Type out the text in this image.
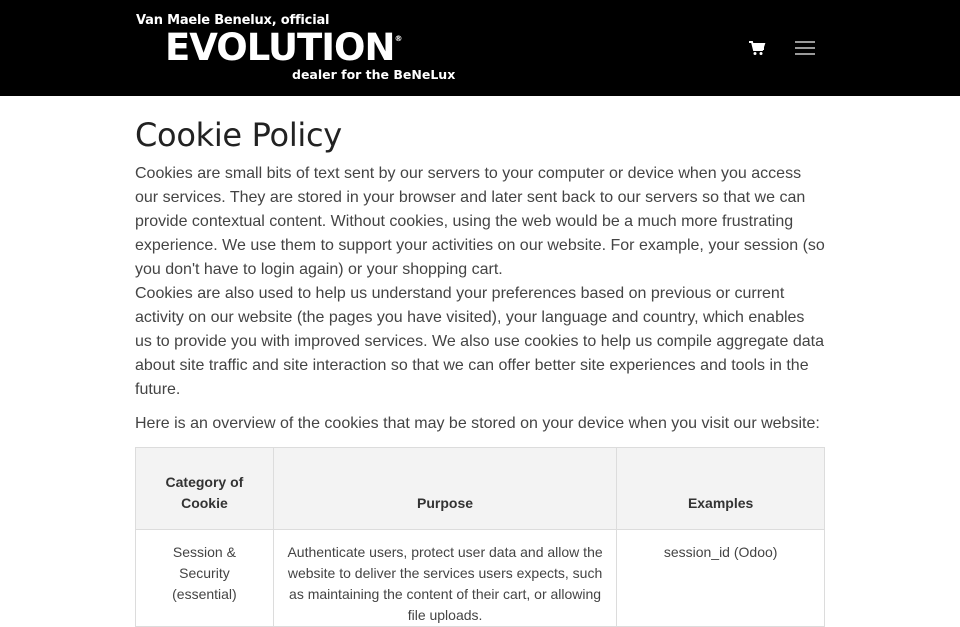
Van Maele Benelux, official
EVOLUTION®
dealer for the BeNeLux
Cookie Policy
Cookies are small bits of text sent by our servers to your computer or device when you access our services. They are stored in your browser and later sent back to our servers so that we can provide contextual content. Without cookies, using the web would be a much more frustrating experience. We use them to support your activities on our website. For example, your session (so you don't have to login again) or your shopping cart.
Cookies are also used to help us understand your preferences based on previous or current activity on our website (the pages you have visited), your language and country, which enables us to provide you with improved services. We also use cookies to help us compile aggregate data about site traffic and site interaction so that we can offer better site experiences and tools in the future.
Here is an overview of the cookies that may be stored on your device when you visit our website:
Category of Cookie	Purpose	Examples
Session & Security (essential)	Authenticate users, protect user data and allow the website to deliver the services users expects, such as maintaining the content of their cart, or allowing file uploads.	session_id (Odoo)
